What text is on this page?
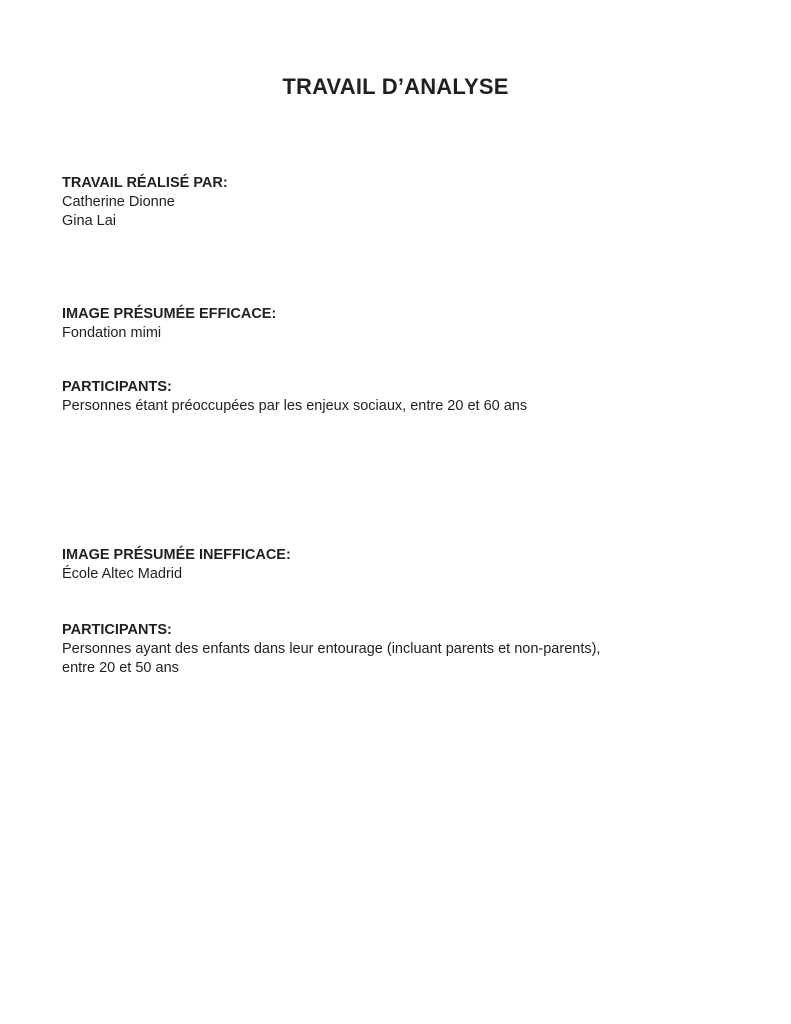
TRAVAIL D’ANALYSE

TRAVAIL RÉALISÉ PAR:

Catherine Dionne

Gina Lai

IMAGE PRÉSUMÉE EFFICACE:

Fondation mimi

PARTICIPANTS:

Personnes étant préoccupées par les enjeux sociaux, entre 20 et 60 ans

IMAGE PRÉSUMÉE INEFFICACE:

École Altec Madrid

PARTICIPANTS:

Personnes ayant des enfants dans leur entourage (incluant parents et non-parents),

entre 20 et 50 ans
